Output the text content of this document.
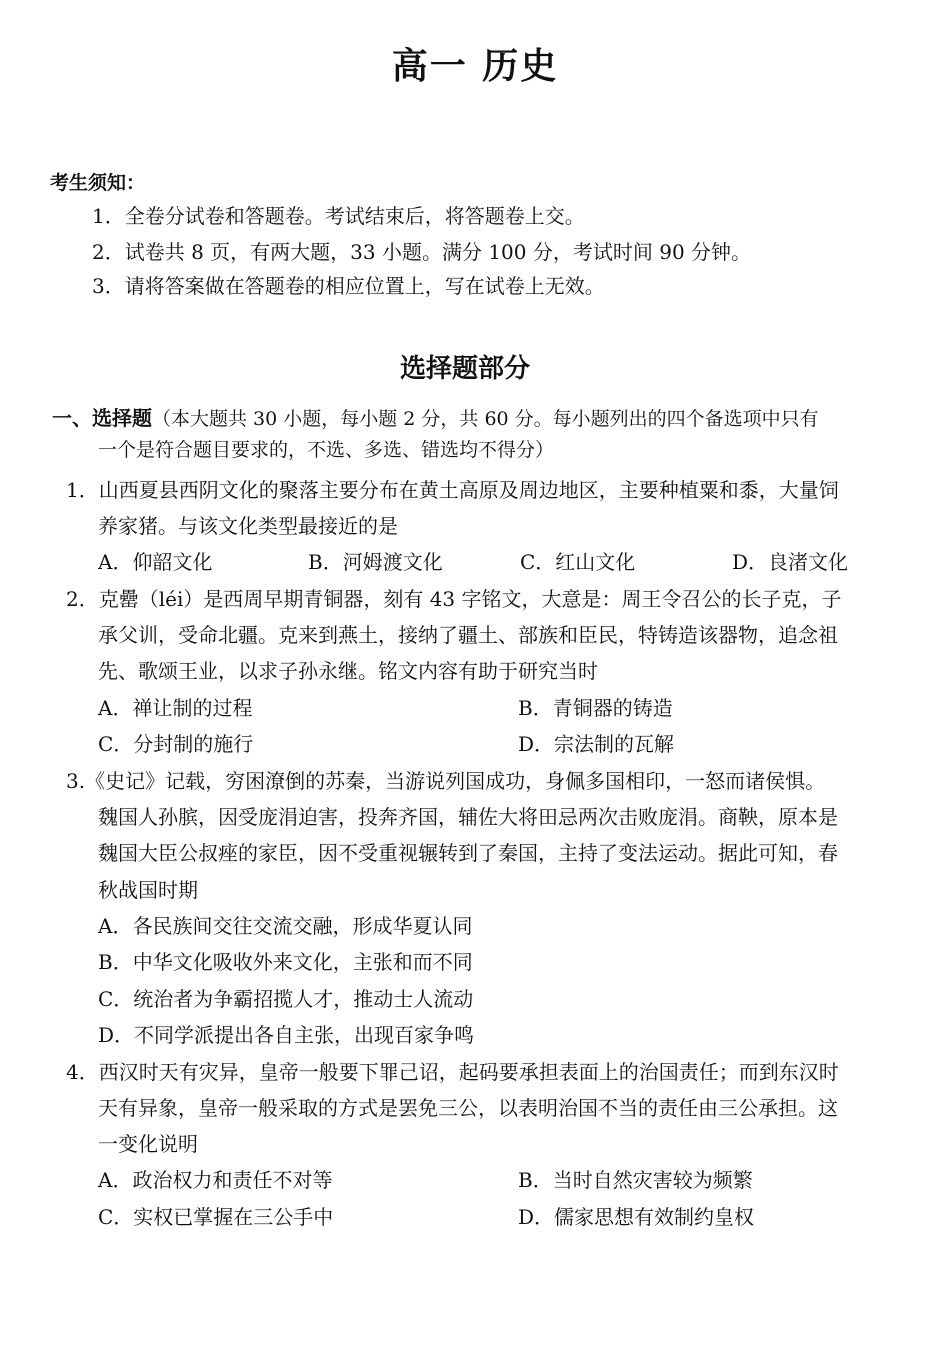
高一 历史
考生须知：
1．全卷分试卷和答题卷。考试结束后，将答题卷上交。
2．试卷共 8 页，有两大题，33 小题。满分 100 分，考试时间 90 分钟。
3．请将答案做在答题卷的相应位置上，写在试卷上无效。
选择题部分
一、选择题（本大题共 30 小题，每小题 2 分，共 60 分。每小题列出的四个备选项中只有
一个是符合题目要求的，不选、多选、错选均不得分）
1．山西夏县西阴文化的聚落主要分布在黄土高原及周边地区，主要种植粟和黍，大量饲
养家猪。与该文化类型最接近的是
A．仰韶文化	B．河姆渡文化	C．红山文化	D．良渚文化
2．克罍（léi）是西周早期青铜器，刻有 43 字铭文，大意是：周王令召公的长子克，子
承父训，受命北疆。克来到燕土，接纳了疆土、部族和臣民，特铸造该器物，追念祖
先、歌颂王业，以求子孙永继。铭文内容有助于研究当时
A．禅让制的过程	B．青铜器的铸造
C．分封制的施行	D．宗法制的瓦解
3.《史记》记载，穷困潦倒的苏秦，当游说列国成功，身佩多国相印，一怒而诸侯惧。
魏国人孙膑，因受庞涓迫害，投奔齐国，辅佐大将田忌两次击败庞涓。商鞅，原本是
魏国大臣公叔痤的家臣，因不受重视辗转到了秦国，主持了变法运动。据此可知，春
秋战国时期
A．各民族间交往交流交融，形成华夏认同
B．中华文化吸收外来文化，主张和而不同
C．统治者为争霸招揽人才，推动士人流动
D．不同学派提出各自主张，出现百家争鸣
4．西汉时天有灾异，皇帝一般要下罪己诏，起码要承担表面上的治国责任；而到东汉时
天有异象，皇帝一般采取的方式是罢免三公，以表明治国不当的责任由三公承担。这
一变化说明
A．政治权力和责任不对等	B．当时自然灾害较为频繁
C．实权已掌握在三公手中	D．儒家思想有效制约皇权
